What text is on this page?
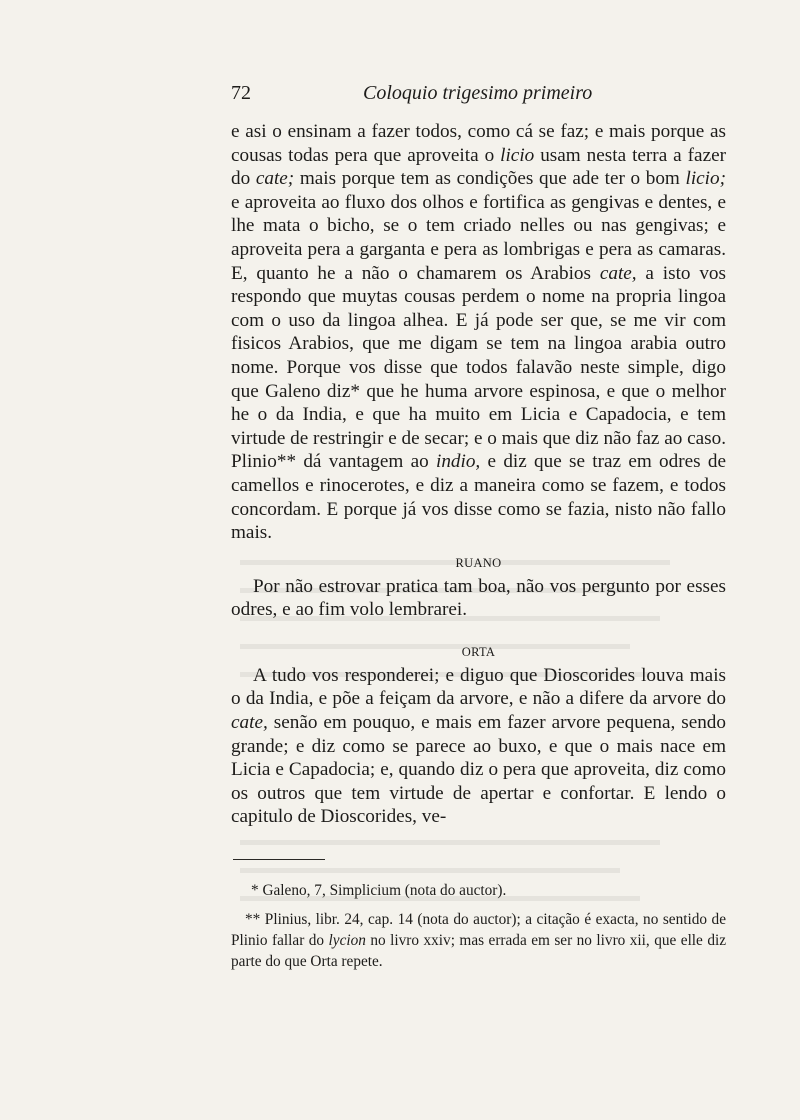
72	Coloquio trigesimo primeiro

e asi o ensinam a fazer todos, como cá se faz; e mais porque as cousas todas pera que aproveita o licio usam nesta terra a fazer do cate; mais porque tem as condições que ade ter o bom licio; e aproveita ao fluxo dos olhos e fortifica as gengivas e dentes, e lhe mata o bicho, se o tem criado nelles ou nas gengivas; e aproveita pera a garganta e pera as lombrigas e pera as camaras. E, quanto he a não o chamarem os Arabios cate, a isto vos respondo que muytas cousas perdem o nome na propria lingoa com o uso da lingoa alhea. E já pode ser que, se me vir com fisicos Arabios, que me digam se tem na lingoa arabia outro nome. Porque vos disse que todos falavão neste simple, digo que Galeno diz* que he huma arvore espinosa, e que o melhor he o da India, e que ha muito em Licia e Capadocia, e tem virtude de restringir e de secar; e o mais que diz não faz ao caso. Plinio** dá vantagem ao indio, e diz que se traz em odres de camellos e rinocerotes, e diz a maneira como se fazem, e todos concordam. E porque já vos disse como se fazia, nisto não fallo mais.

RUANO

Por não estrovar pratica tam boa, não vos pergunto por esses odres, e ao fim volo lembrarei.

ORTA

A tudo vos responderei; e diguo que Dioscorides louva mais o da India, e põe a feiçam da arvore, e não a difere da arvore do cate, senão em pouquo, e mais em fazer arvore pequena, sendo grande; e diz como se parece ao buxo, e que o mais nace em Licia e Capadocia; e, quando diz o pera que aproveita, diz como os outros que tem virtude de apertar e confortar. E lendo o capitulo de Dioscorides, ve-

* Galeno, 7, Simplicium (nota do auctor).

** Plinius, libr. 24, cap. 14 (nota do auctor); a citação é exacta, no sentido de Plinio fallar do lycion no livro xxiv; mas errada em ser no livro xii, que elle diz parte do que Orta repete.
